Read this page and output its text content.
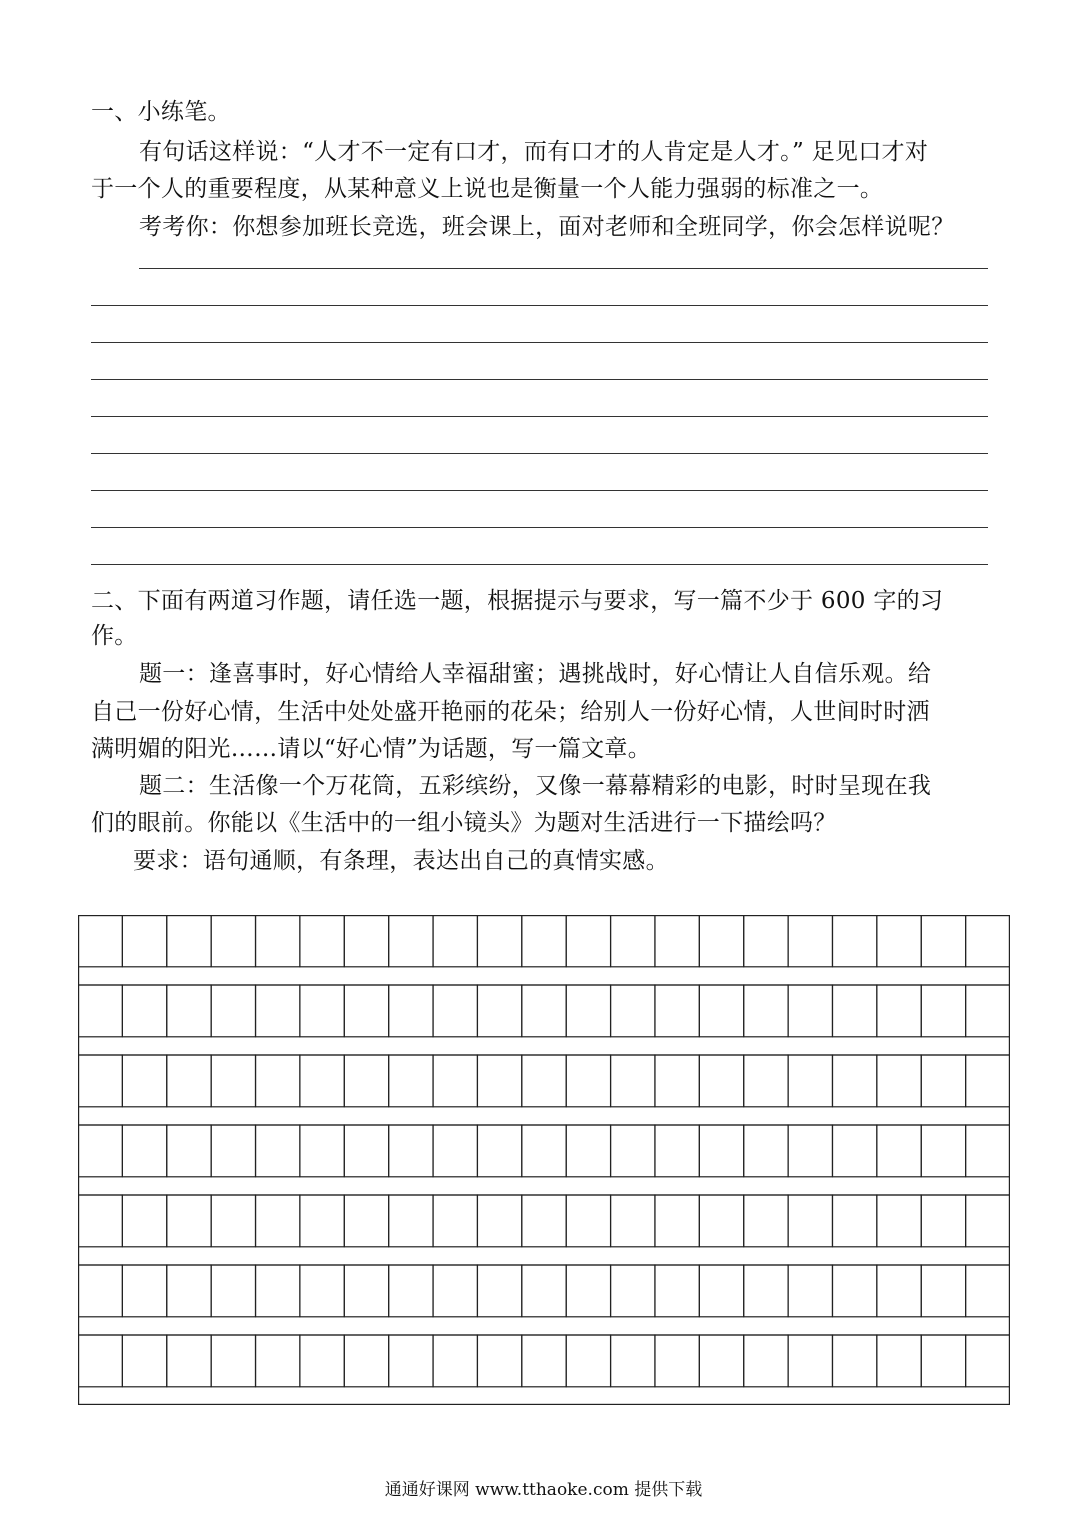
一、小练笔。
有句话这样说：“人才不一定有口才，而有口才的人肯定是人才。” 足见口才对
于一个人的重要程度，从某种意义上说也是衡量一个人能力强弱的标准之一。
考考你：你想参加班长竞选，班会课上，面对老师和全班同学，你会怎样说呢？
二、下面有两道习作题，请任选一题，根据提示与要求，写一篇不少于 600 字的习
作。
题一：逢喜事时，好心情给人幸福甜蜜；遇挑战时，好心情让人自信乐观。给
自己一份好心情，生活中处处盛开艳丽的花朵；给别人一份好心情，人世间时时洒
满明媚的阳光……请以“好心情”为话题，写一篇文章。
题二：生活像一个万花筒，五彩缤纷，又像一幕幕精彩的电影，时时呈现在我
们的眼前。你能以《生活中的一组小镜头》为题对生活进行一下描绘吗？
要求：语句通顺，有条理，表达出自己的真情实感。
通通好课网 www.tthaoke.com 提供下载
